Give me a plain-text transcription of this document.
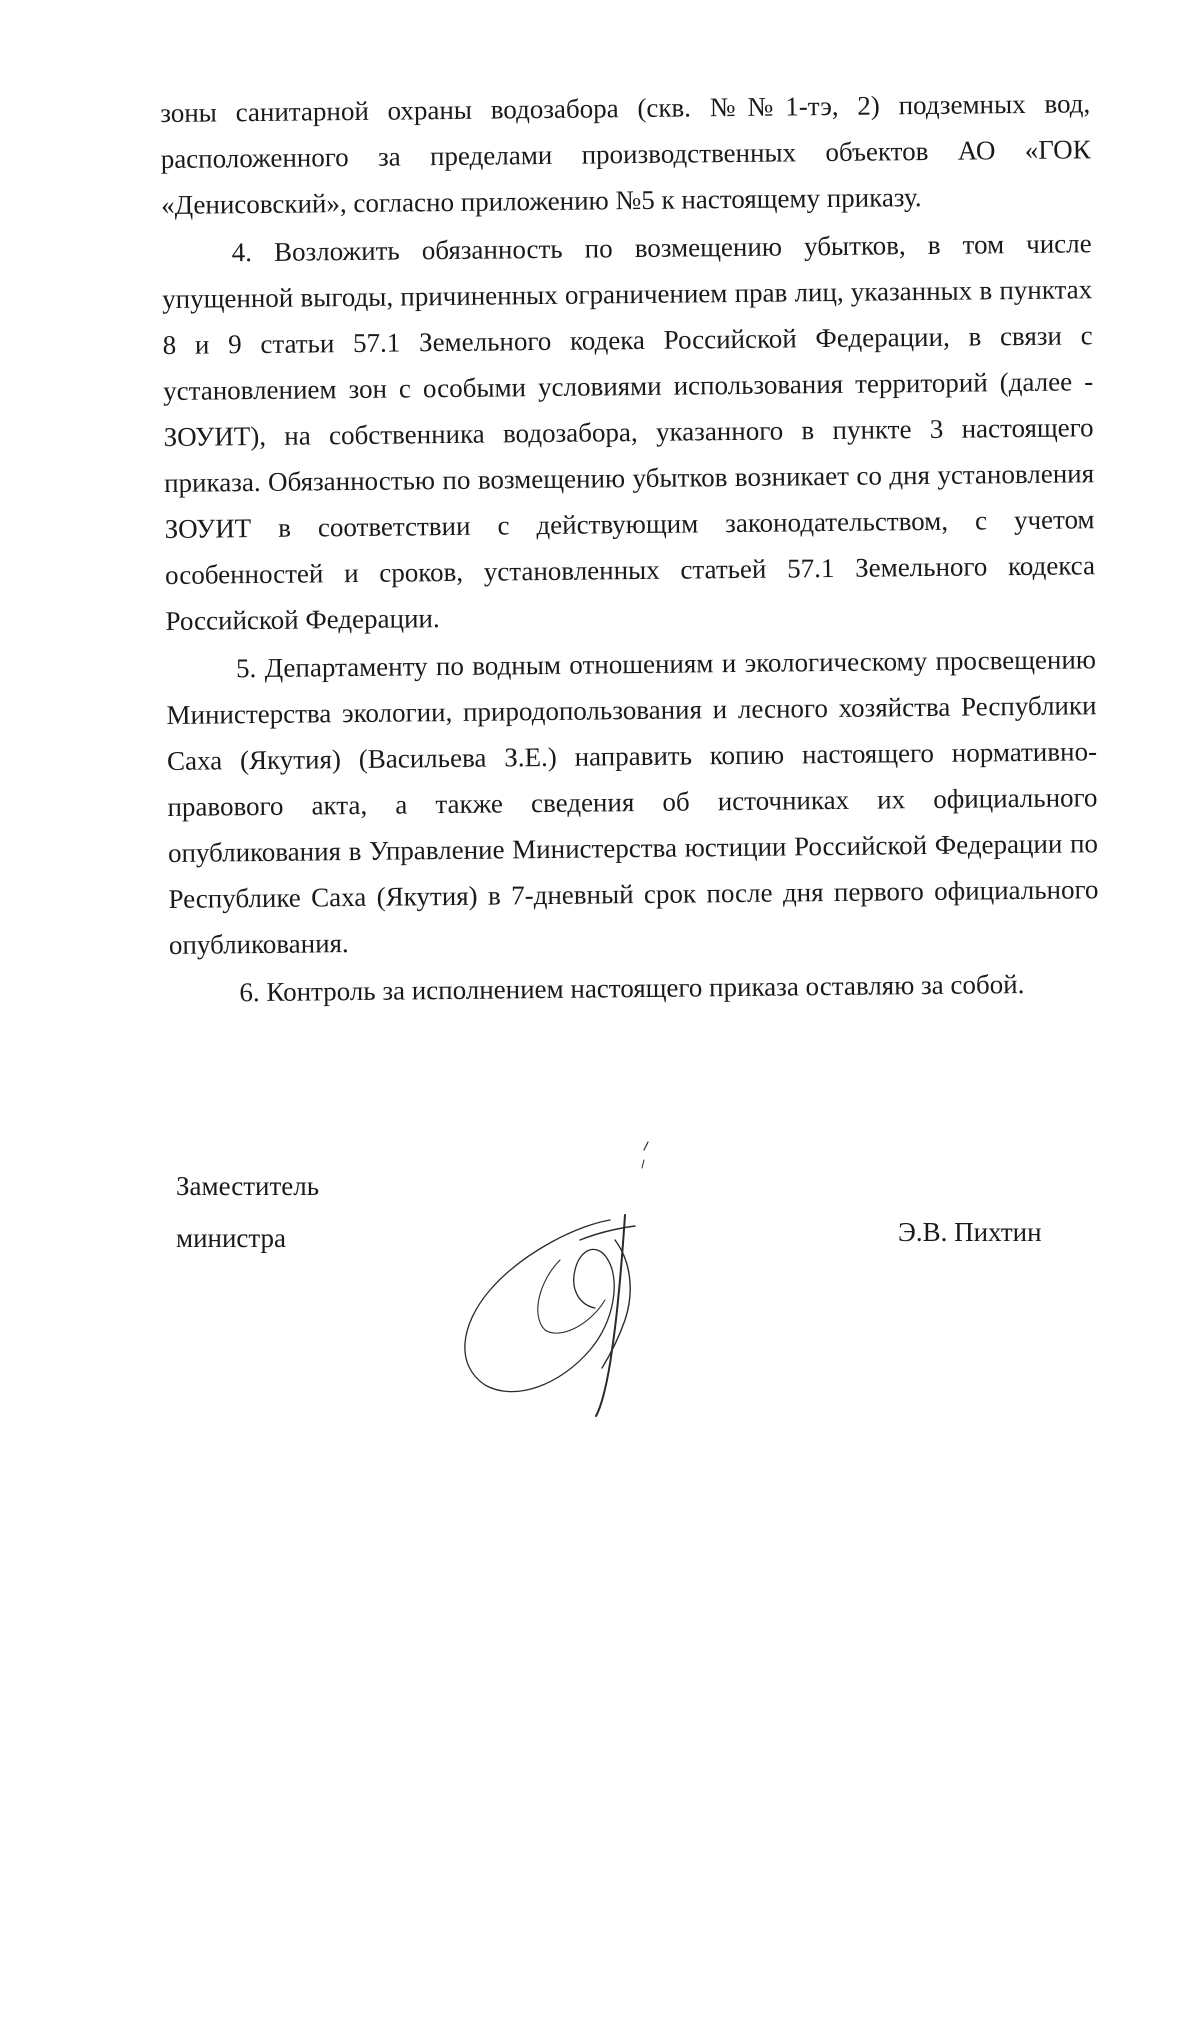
зоны санитарной охраны водозабора (скв. №№1-тэ, 2) подземных вод, расположенного за пределами производственных объектов АО «ГОК «Денисовский», согласно приложению №5 к настоящему приказу.

4. Возложить обязанность по возмещению убытков, в том числе упущенной выгоды, причиненных ограничением прав лиц, указанных в пунктах 8 и 9 статьи 57.1 Земельного кодека Российской Федерации, в связи с установлением зон с особыми условиями использования территорий (далее - ЗОУИТ), на собственника водозабора, указанного в пункте 3 настоящего приказа. Обязанностью по возмещению убытков возникает со дня установления ЗОУИТ в соответствии с действующим законодательством, с учетом особенностей и сроков, установленных статьей 57.1 Земельного кодекса Российской Федерации.

5. Департаменту по водным отношениям и экологическому просвещению Министерства экологии, природопользования и лесного хозяйства Республики Саха (Якутия) (Васильева З.Е.) направить копию настоящего нормативно-правового акта, а также сведения об источниках их официального опубликования в Управление Министерства юстиции Российской Федерации по Республике Саха (Якутия) в 7-дневный срок после дня первого официального опубликования.

6. Контроль за исполнением настоящего приказа оставляю за собой.

Заместитель
министра	Э.В. Пихтин
